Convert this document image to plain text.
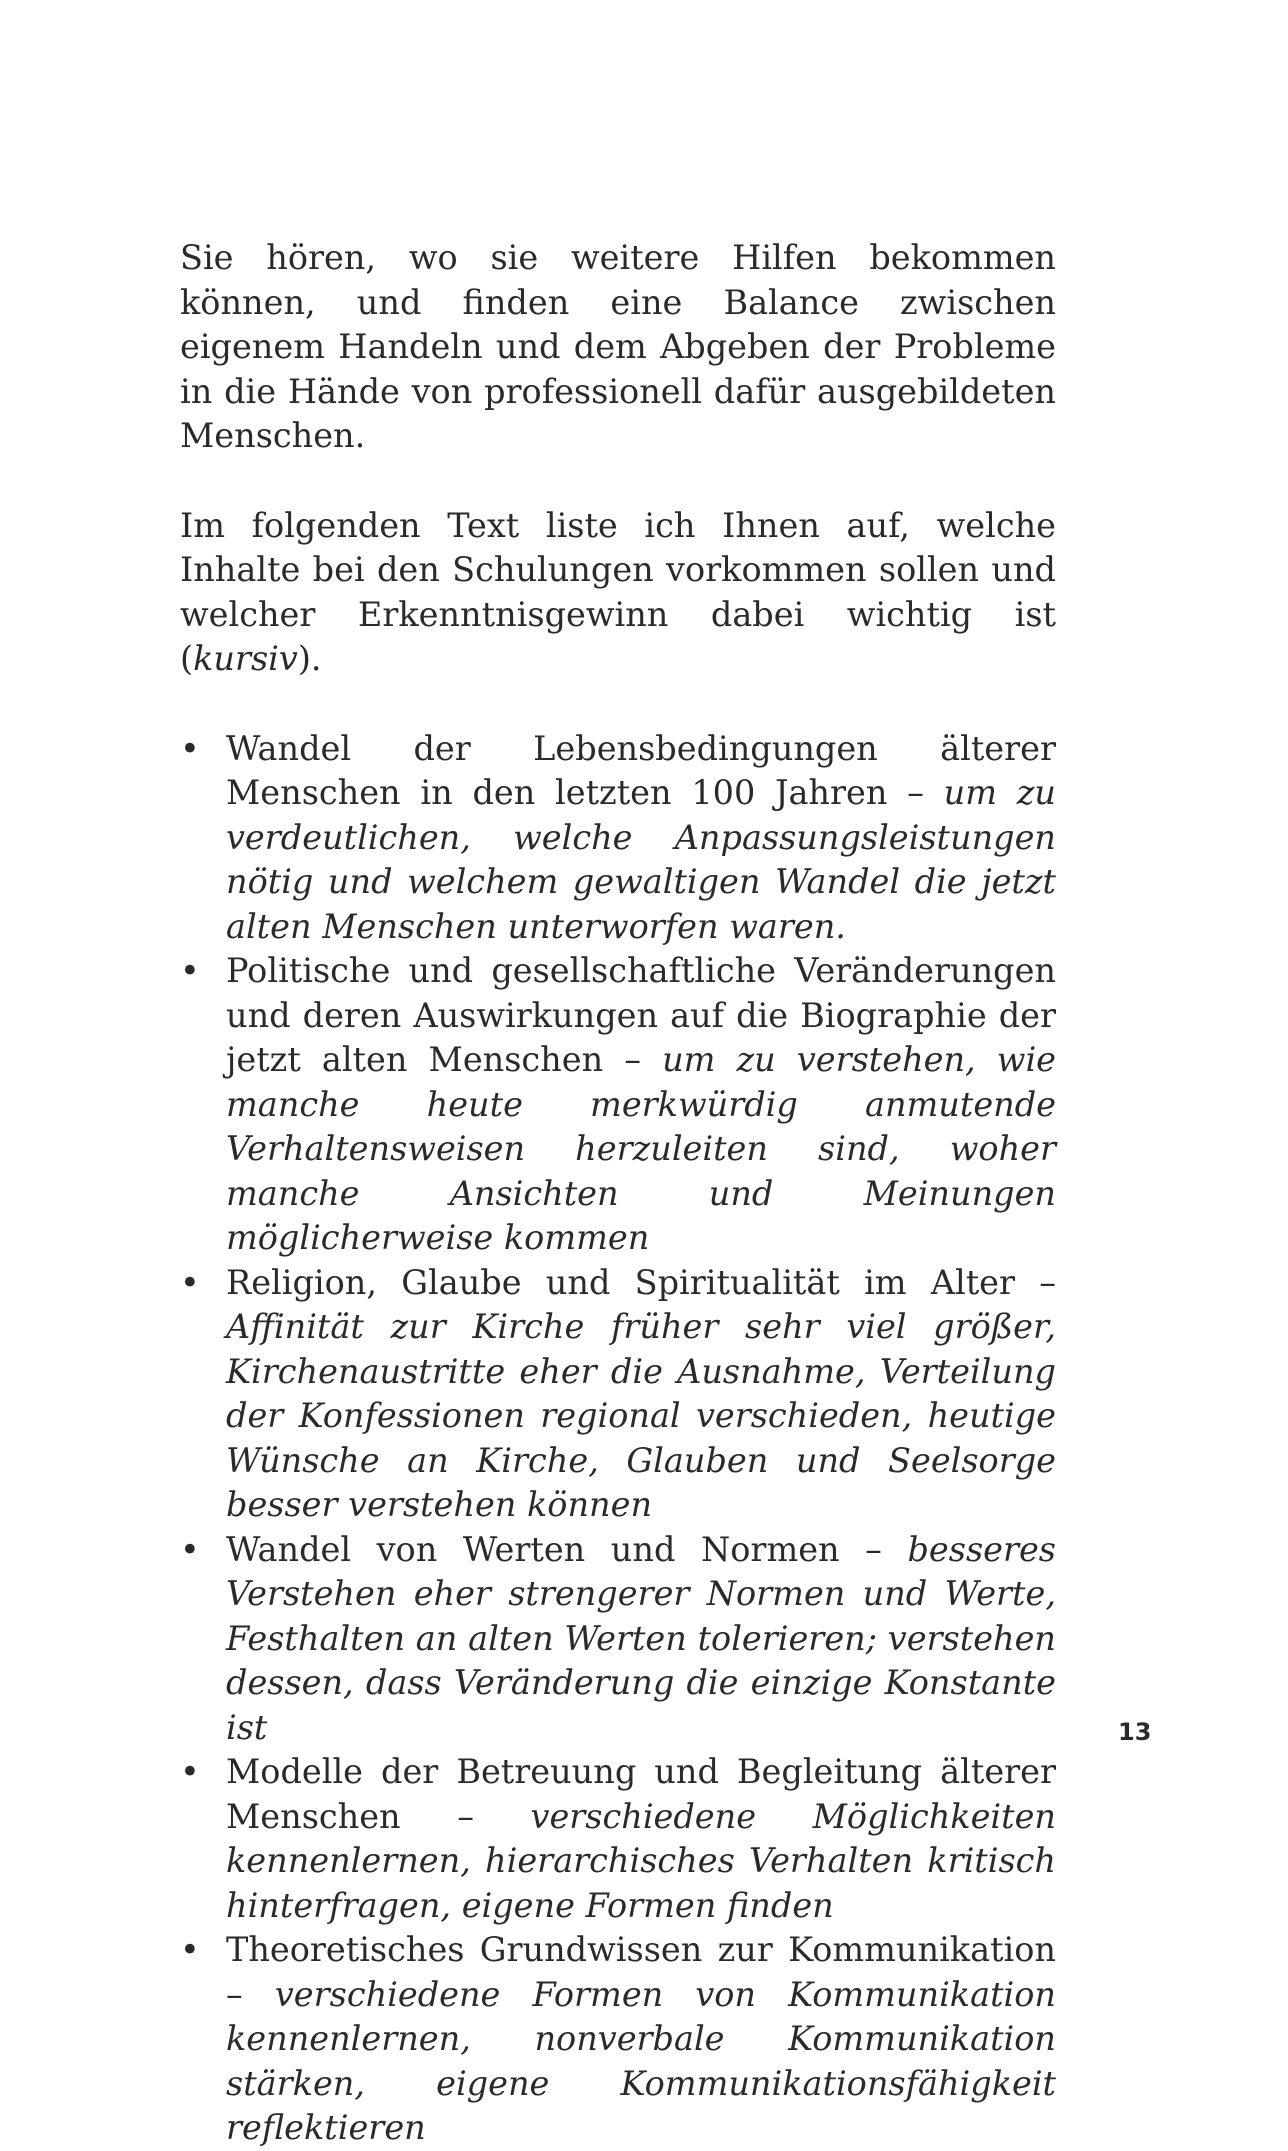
Sie hören, wo sie weitere Hilfen bekommen können, und finden eine Balance zwischen eigenem Handeln und dem Abgeben der Probleme in die Hände von professionell dafür ausgebildeten Menschen.

Im folgenden Text liste ich Ihnen auf, welche Inhalte bei den Schulungen vorkommen sollen und welcher Erkenntnisgewinn dabei wichtig ist (kursiv).

• Wandel der Lebensbedingungen älterer Menschen in den letzten 100 Jahren – um zu verdeutlichen, welche Anpassungsleistungen nötig und welchem gewaltigen Wandel die jetzt alten Menschen unterworfen waren.
• Politische und gesellschaftliche Veränderungen und deren Auswirkungen auf die Biographie der jetzt alten Menschen – um zu verstehen, wie manche heute merkwürdig anmutende Verhaltensweisen herzuleiten sind, woher manche Ansichten und Meinungen möglicherweise kommen
• Religion, Glaube und Spiritualität im Alter – Affinität zur Kirche früher sehr viel größer, Kirchenaustritte eher die Ausnahme, Verteilung der Konfessionen regional verschieden, heutige Wünsche an Kirche, Glauben und Seelsorge besser verstehen können
• Wandel von Werten und Normen – besseres Verstehen eher strengerer Normen und Werte, Festhalten an alten Werten tolerieren; verstehen dessen, dass Veränderung die einzige Konstante ist
• Modelle der Betreuung und Begleitung älterer Menschen – verschiedene Möglichkeiten kennenlernen, hierarchisches Verhalten kritisch hinterfragen, eigene Formen finden
• Theoretisches Grundwissen zur Kommunikation – verschiedene Formen von Kommunikation kennenlernen, nonverbale Kommunikation stärken, eigene Kommunikationsfähigkeit reflektieren
13
